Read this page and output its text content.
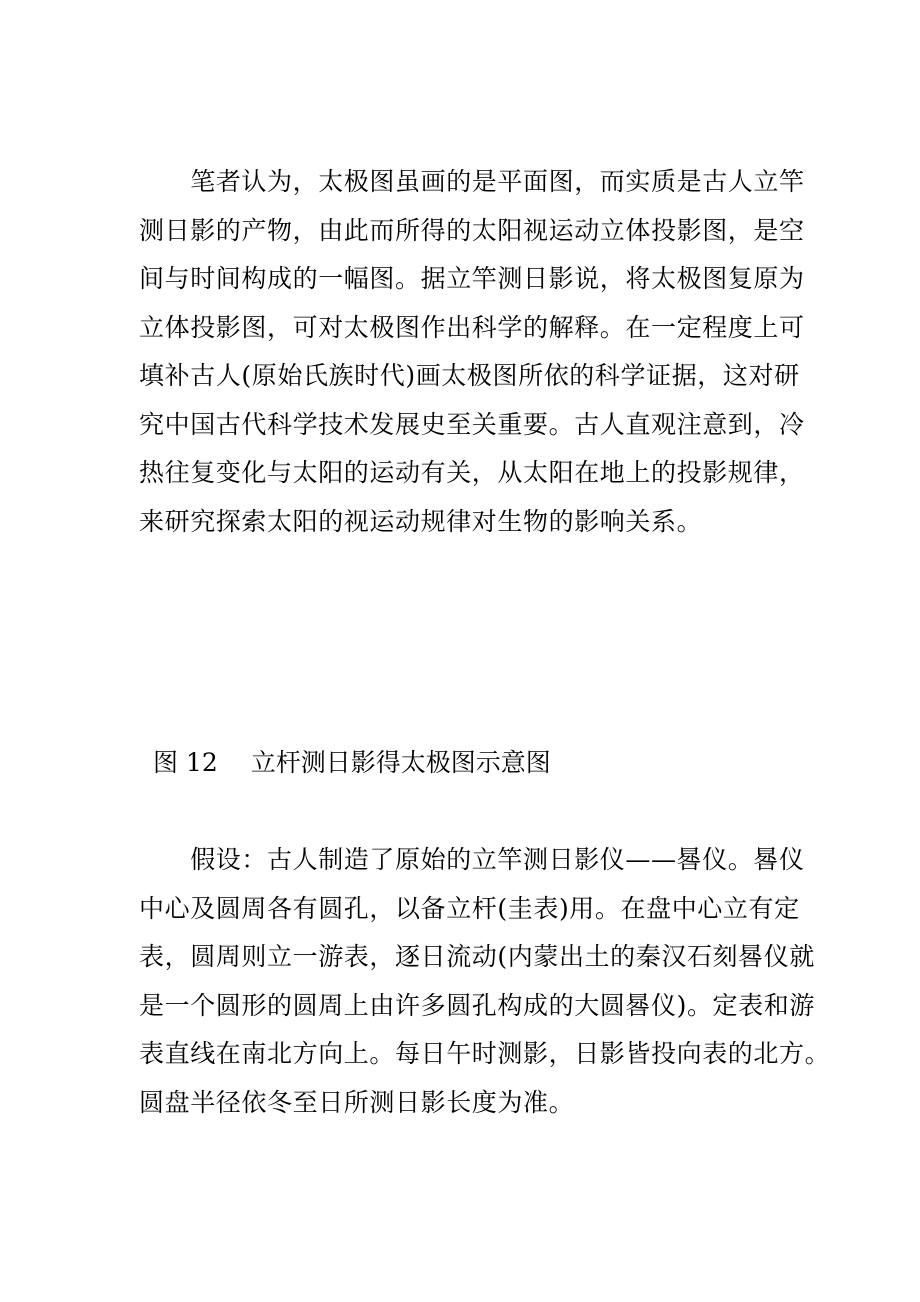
　　笔者认为，太极图虽画的是平面图，而实质是古人立竿
测日影的产物，由此而所得的太阳视运动立体投影图，是空
间与时间构成的一幅图。据立竿测日影说，将太极图复原为
立体投影图，可对太极图作出科学的解释。在一定程度上可
填补古人(原始氏族时代)画太极图所依的科学证据，这对研
究中国古代科学技术发展史至关重要。古人直观注意到，冷
热往复变化与太阳的运动有关，从太阳在地上的投影规律，
来研究探索太阳的视运动规律对生物的影响关系。

图 12　 立杆测日影得太极图示意图

　　假设：古人制造了原始的立竿测日影仪——晷仪。晷仪
中心及圆周各有圆孔，以备立杆(圭表)用。在盘中心立有定
表，圆周则立一游表，逐日流动(内蒙出土的秦汉石刻晷仪就
是一个圆形的圆周上由许多圆孔构成的大圆晷仪)。定表和游
表直线在南北方向上。每日午时测影，日影皆投向表的北方。
圆盘半径依冬至日所测日影长度为准。
